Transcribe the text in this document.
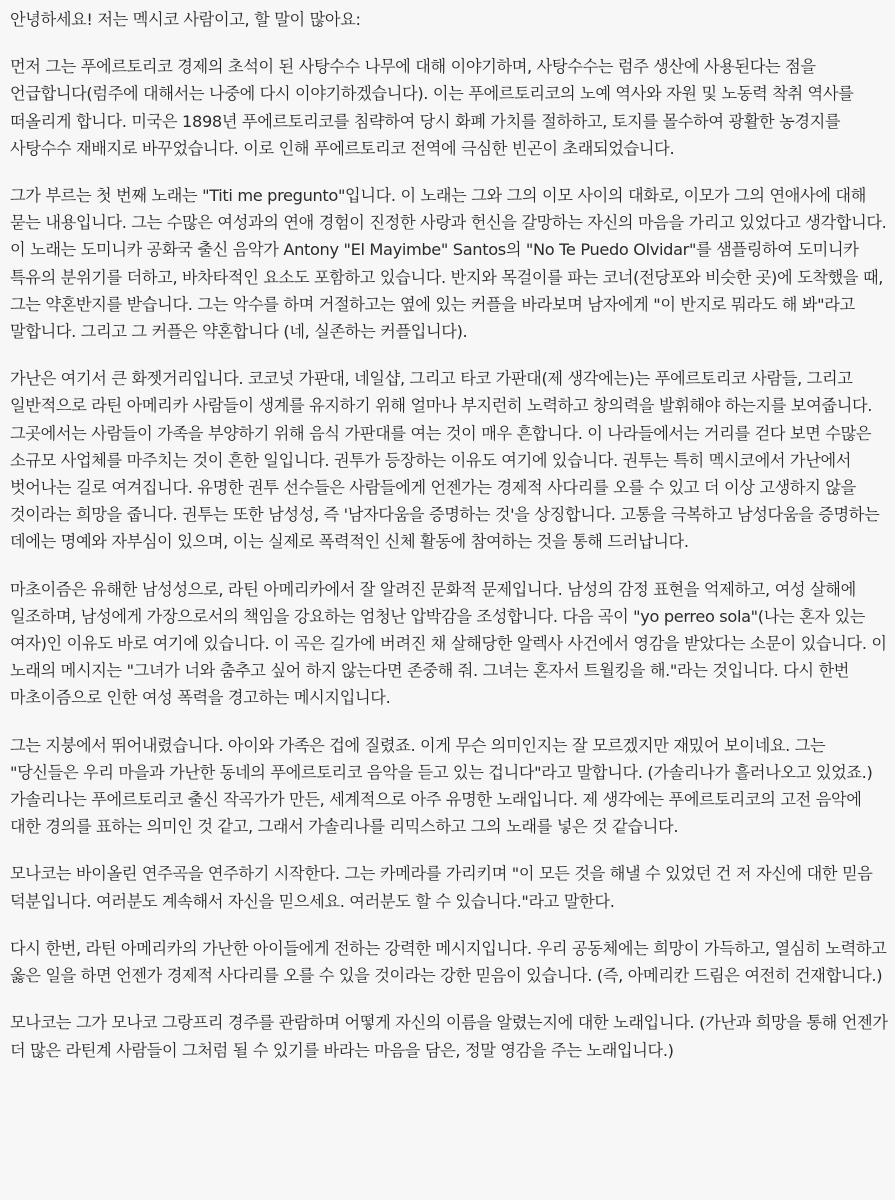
안녕하세요! 저는 멕시코 사람이고, 할 말이 많아요:

먼저 그는 푸에르토리코 경제의 초석이 된 사탕수수 나무에 대해 이야기하며, 사탕수수는 럼주 생산에 사용된다는 점을 언급합니다(럼주에 대해서는 나중에 다시 이야기하겠습니다). 이는 푸에르토리코의 노예 역사와 자원 및 노동력 착취 역사를 떠올리게 합니다. 미국은 1898년 푸에르토리코를 침략하여 당시 화폐 가치를 절하하고, 토지를 몰수하여 광활한 농경지를 사탕수수 재배지로 바꾸었습니다. 이로 인해 푸에르토리코 전역에 극심한 빈곤이 초래되었습니다.

그가 부르는 첫 번째 노래는 "Titi me pregunto"입니다. 이 노래는 그와 그의 이모 사이의 대화로, 이모가 그의 연애사에 대해 묻는 내용입니다. 그는 수많은 여성과의 연애 경험이 진정한 사랑과 헌신을 갈망하는 자신의 마음을 가리고 있었다고 생각합니다. 이 노래는 도미니카 공화국 출신 음악가 Antony "El Mayimbe" Santos의 "No Te Puedo Olvidar"를 샘플링하여 도미니카 특유의 분위기를 더하고, 바차타적인 요소도 포함하고 있습니다. 반지와 목걸이를 파는 코너(전당포와 비슷한 곳)에 도착했을 때, 그는 약혼반지를 받습니다. 그는 악수를 하며 거절하고는 옆에 있는 커플을 바라보며 남자에게 "이 반지로 뭐라도 해 봐"라고 말합니다. 그리고 그 커플은 약혼합니다 (네, 실존하는 커플입니다).

가난은 여기서 큰 화젯거리입니다. 코코넛 가판대, 네일샵, 그리고 타코 가판대(제 생각에는)는 푸에르토리코 사람들, 그리고 일반적으로 라틴 아메리카 사람들이 생계를 유지하기 위해 얼마나 부지런히 노력하고 창의력을 발휘해야 하는지를 보여줍니다. 그곳에서는 사람들이 가족을 부양하기 위해 음식 가판대를 여는 것이 매우 흔합니다. 이 나라들에서는 거리를 걷다 보면 수많은 소규모 사업체를 마주치는 것이 흔한 일입니다. 권투가 등장하는 이유도 여기에 있습니다. 권투는 특히 멕시코에서 가난에서 벗어나는 길로 여겨집니다. 유명한 권투 선수들은 사람들에게 언젠가는 경제적 사다리를 오를 수 있고 더 이상 고생하지 않을 것이라는 희망을 줍니다. 권투는 또한 남성성, 즉 '남자다움을 증명하는 것'을 상징합니다. 고통을 극복하고 남성다움을 증명하는 데에는 명예와 자부심이 있으며, 이는 실제로 폭력적인 신체 활동에 참여하는 것을 통해 드러납니다.

마초이즘은 유해한 남성성으로, 라틴 아메리카에서 잘 알려진 문화적 문제입니다. 남성의 감정 표현을 억제하고, 여성 살해에 일조하며, 남성에게 가장으로서의 책임을 강요하는 엄청난 압박감을 조성합니다. 다음 곡이 "yo perreo sola"(나는 혼자 있는 여자)인 이유도 바로 여기에 있습니다. 이 곡은 길가에 버려진 채 살해당한 알렉사 사건에서 영감을 받았다는 소문이 있습니다. 이 노래의 메시지는 "그녀가 너와 춤추고 싶어 하지 않는다면 존중해 줘. 그녀는 혼자서 트월킹을 해."라는 것입니다. 다시 한번 마초이즘으로 인한 여성 폭력을 경고하는 메시지입니다.

그는 지붕에서 뛰어내렸습니다. 아이와 가족은 겁에 질렸죠. 이게 무슨 의미인지는 잘 모르겠지만 재밌어 보이네요. 그는 "당신들은 우리 마을과 가난한 동네의 푸에르토리코 음악을 듣고 있는 겁니다"라고 말합니다. (가솔리나가 흘러나오고 있었죠.) 가솔리나는 푸에르토리코 출신 작곡가가 만든, 세계적으로 아주 유명한 노래입니다. 제 생각에는 푸에르토리코의 고전 음악에 대한 경의를 표하는 의미인 것 같고, 그래서 가솔리나를 리믹스하고 그의 노래를 넣은 것 같습니다.

모나코는 바이올린 연주곡을 연주하기 시작한다. 그는 카메라를 가리키며 "이 모든 것을 해낼 수 있었던 건 저 자신에 대한 믿음 덕분입니다. 여러분도 계속해서 자신을 믿으세요. 여러분도 할 수 있습니다."라고 말한다.

다시 한번, 라틴 아메리카의 가난한 아이들에게 전하는 강력한 메시지입니다. 우리 공동체에는 희망이 가득하고, 열심히 노력하고 옳은 일을 하면 언젠가 경제적 사다리를 오를 수 있을 것이라는 강한 믿음이 있습니다. (즉, 아메리칸 드림은 여전히 건재합니다.)

모나코는 그가 모나코 그랑프리 경주를 관람하며 어떻게 자신의 이름을 알렸는지에 대한 노래입니다. (가난과 희망을 통해 언젠가 더 많은 라틴계 사람들이 그처럼 될 수 있기를 바라는 마음을 담은, 정말 영감을 주는 노래입니다.)
